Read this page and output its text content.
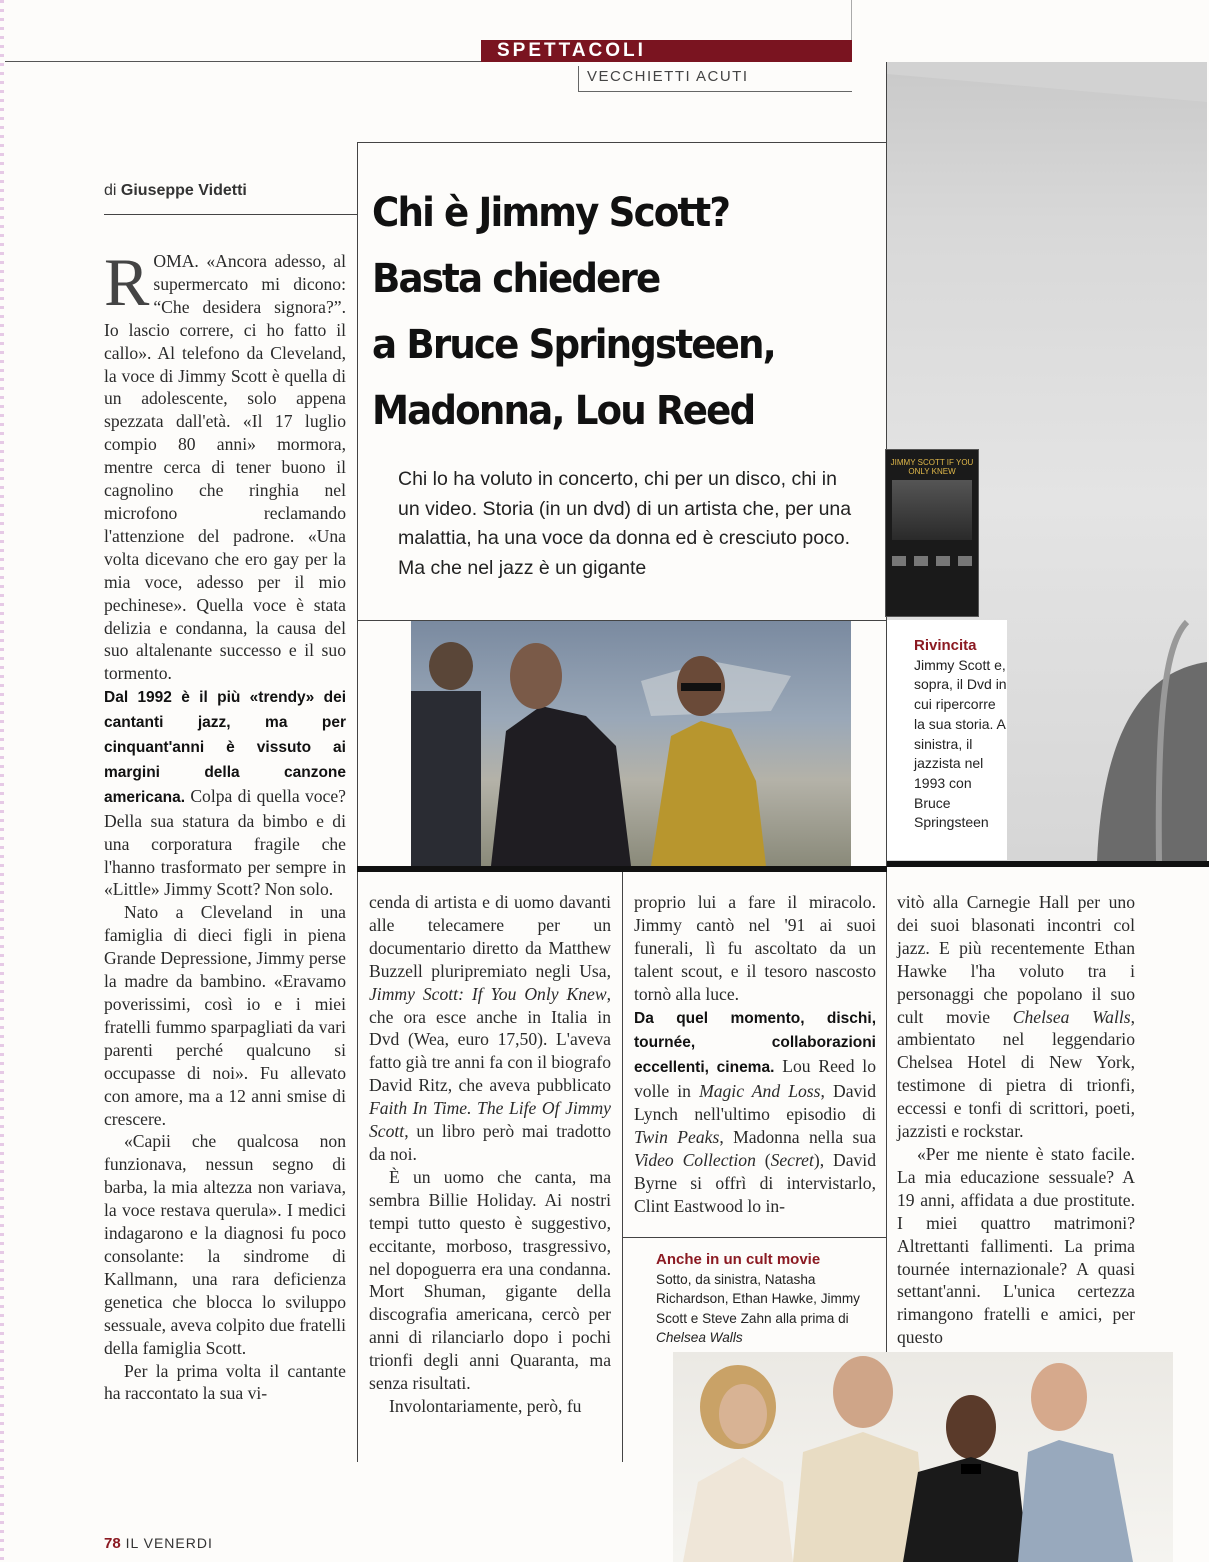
SPETTACOLI
VECCHIETTI ACUTI
di Giuseppe Videtti	Chi è Jimmy Scott?
Basta chiedere
a Bruce Springsteen,
Madonna, Lou Reed
Chi lo ha voluto in concerto, chi per un disco, chi in un video. Storia (in un dvd) di un artista che, per una malattia, ha una voce da donna ed è cresciuto poco. Ma che nel jazz è un gigante
JIMMY SCOTT IF YOU ONLY KNEW
Rivincita
Jimmy Scott e, sopra, il Dvd in cui ripercorre la sua storia. A sinistra, il jazzista nel 1993 con Bruce Springsteen

ROMA. «Ancora adesso, al supermercato mi dicono: “Che desidera signora?”. Io lascio correre, ci ho fatto il callo». Al telefono da Cleveland, la voce di Jimmy Scott è quella di un adolescente, solo appena spezzata dall'età. «Il 17 luglio compio 80 anni» mormora, mentre cerca di tener buono il cagnolino che ringhia nel microfono reclamando l'attenzione del padrone. «Una volta dicevano che ero gay per la mia voce, adesso per il mio pechinese». Quella voce è stata delizia e condanna, la causa del suo altalenante successo e il suo tormento.

Dal 1992 è il più «trendy» dei cantanti jazz, ma per cinquant'anni è vissuto ai margini della canzone americana. Colpa di quella voce? Della sua statura da bimbo e di una corporatura fragile che l'hanno trasformato per sempre in «Little» Jimmy Scott? Non solo.

Nato a Cleveland in una famiglia di dieci figli in piena Grande Depressione, Jimmy perse la madre da bambino. «Eravamo poverissimi, così io e i miei fratelli fummo sparpagliati da vari parenti perché qualcuno si occupasse di noi». Fu allevato con amore, ma a 12 anni smise di crescere.

«Capii che qualcosa non funzionava, nessun segno di barba, la mia altezza non variava, la voce restava querula». I medici indagarono e la diagnosi fu poco consolante: la sindrome di Kallmann, una rara deficienza genetica che blocca lo sviluppo sessuale, aveva colpito due fratelli della famiglia Scott.

Per la prima volta il cantante ha raccontato la sua vi-

cenda di artista e di uomo davanti alle telecamere per un documentario diretto da Matthew Buzzell pluripremiato negli Usa, Jimmy Scott: If You Only Knew, che ora esce anche in Italia in Dvd (Wea, euro 17,50). L'aveva fatto già tre anni fa con il biografo David Ritz, che aveva pubblicato Faith In Time. The Life Of Jimmy Scott, un libro però mai tradotto da noi.

È un uomo che canta, ma sembra Billie Holiday. Ai nostri tempi tutto questo è suggestivo, eccitante, morboso, trasgressivo, nel dopoguerra era una condanna. Mort Shuman, gigante della discografia americana, cercò per anni di rilanciarlo dopo i pochi trionfi degli anni Quaranta, ma senza risultati.

Involontariamente, però, fu

proprio lui a fare il miracolo. Jimmy cantò nel '91 ai suoi funerali, lì fu ascoltato da un talent scout, e il tesoro nascosto tornò alla luce.

Da quel momento, dischi, tournée, collaborazioni eccellenti, cinema. Lou Reed lo volle in Magic And Loss, David Lynch nell'ultimo episodio di Twin Peaks, Madonna nella sua Video Collection (Secret), David Byrne si offrì di intervistarlo, Clint Eastwood lo in-

Anche in un cult movie
Sotto, da sinistra, Natasha Richardson, Ethan Hawke, Jimmy Scott e Steve Zahn alla prima di Chelsea Walls

vitò alla Carnegie Hall per uno dei suoi blasonati incontri col jazz. E più recentemente Ethan Hawke l'ha voluto tra i personaggi che popolano il suo cult movie Chelsea Walls, ambientato nel leggendario Chelsea Hotel di New York, testimone di pietra di trionfi, eccessi e tonfi di scrittori, poeti, jazzisti e rockstar.

«Per me niente è stato facile. La mia educazione sessuale? A 19 anni, affidata a due prostitute. I miei quattro matrimoni? Altrettanti fallimenti. La prima tournée internazionale? A quasi settant'anni. L'unica certezza rimangono fratelli e amici, per questo

78 IL VENERDI
